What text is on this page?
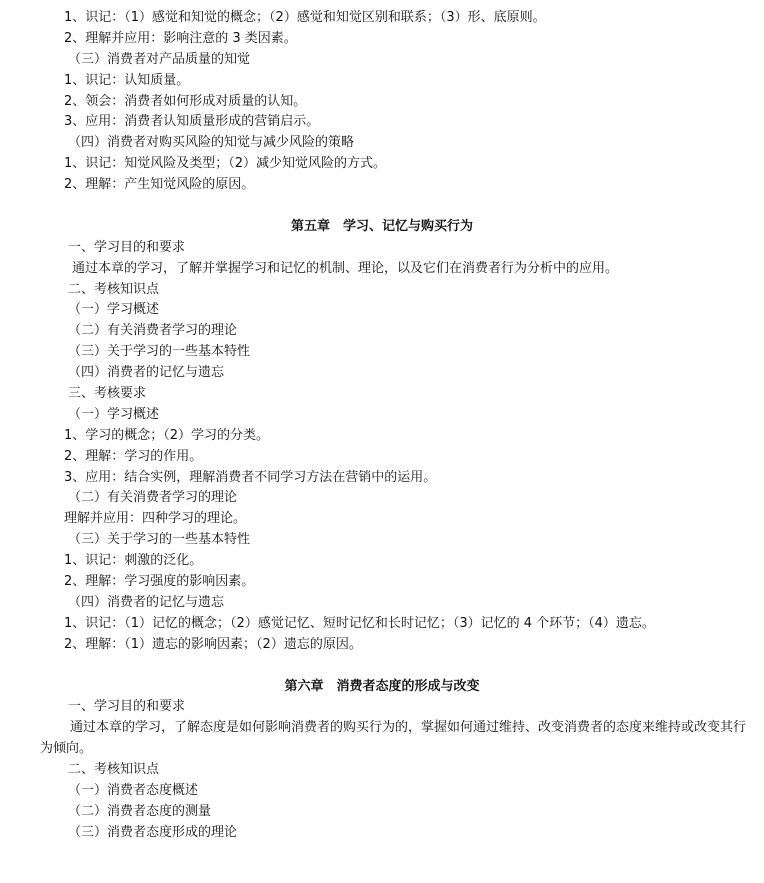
1、识记：（1）感觉和知觉的概念；（2）感觉和知觉区别和联系；（3）形、底原则。
2、理解并应用：影响注意的 3 类因素。
（三）消费者对产品质量的知觉
1、识记：认知质量。
2、领会：消费者如何形成对质量的认知。
3、应用：消费者认知质量形成的营销启示。
（四）消费者对购买风险的知觉与减少风险的策略
1、识记：知觉风险及类型；（2）减少知觉风险的方式。
2、理解：产生知觉风险的原因。
第五章　学习、记忆与购买行为
一、学习目的和要求
通过本章的学习，了解并掌握学习和记忆的机制、理论，以及它们在消费者行为分析中的应用。
二、考核知识点
（一）学习概述
（二）有关消费者学习的理论
（三）关于学习的一些基本特性
（四）消费者的记忆与遗忘
三、考核要求
（一）学习概述
1、学习的概念；（2）学习的分类。
2、理解：学习的作用。
3、应用：结合实例，理解消费者不同学习方法在营销中的运用。
（二）有关消费者学习的理论
理解并应用：四种学习的理论。
（三）关于学习的一些基本特性
1、识记：刺激的泛化。
2、理解：学习强度的影响因素。
（四）消费者的记忆与遗忘
1、识记：（1）记忆的概念；（2）感觉记忆、短时记忆和长时记忆；（3）记忆的 4 个环节；（4）遗忘。
2、理解：（1）遗忘的影响因素；（2）遗忘的原因。
第六章　消费者态度的形成与改变
一、学习目的和要求
通过本章的学习，了解态度是如何影响消费者的购买行为的，掌握如何通过维持、改变消费者的态度来维持或改变其行为倾向。
二、考核知识点
（一）消费者态度概述
（二）消费者态度的测量
（三）消费者态度形成的理论
